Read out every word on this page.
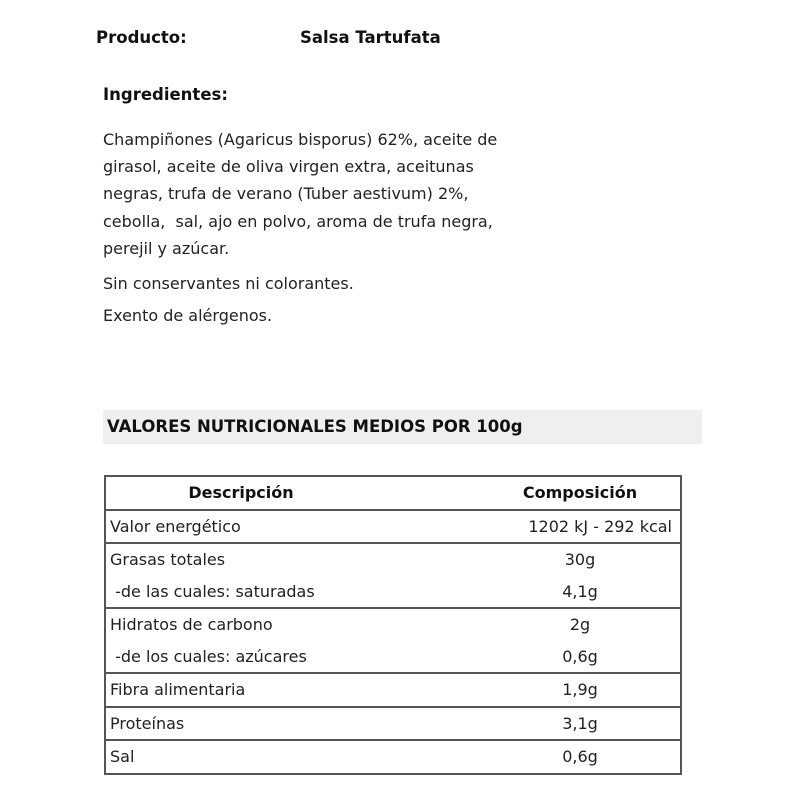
Producto:	Salsa Tartufata
Ingredientes:
Champiñones (Agaricus bisporus) 62%, aceite de
girasol, aceite de oliva virgen extra, aceitunas
negras, trufa de verano (Tuber aestivum) 2%,
cebolla,  sal, ajo en polvo, aroma de trufa negra,
perejil y azúcar.
Sin conservantes ni colorantes.
Exento de alérgenos.
VALORES NUTRICIONALES MEDIOS POR 100g
Descripción	Composición
Valor energético	1202 kJ - 292 kcal
Grasas totales	30g
-de las cuales: saturadas	4,1g
Hidratos de carbono	2g
-de los cuales: azúcares	0,6g
Fibra alimentaria	1,9g
Proteínas	3,1g
Sal	0,6g
